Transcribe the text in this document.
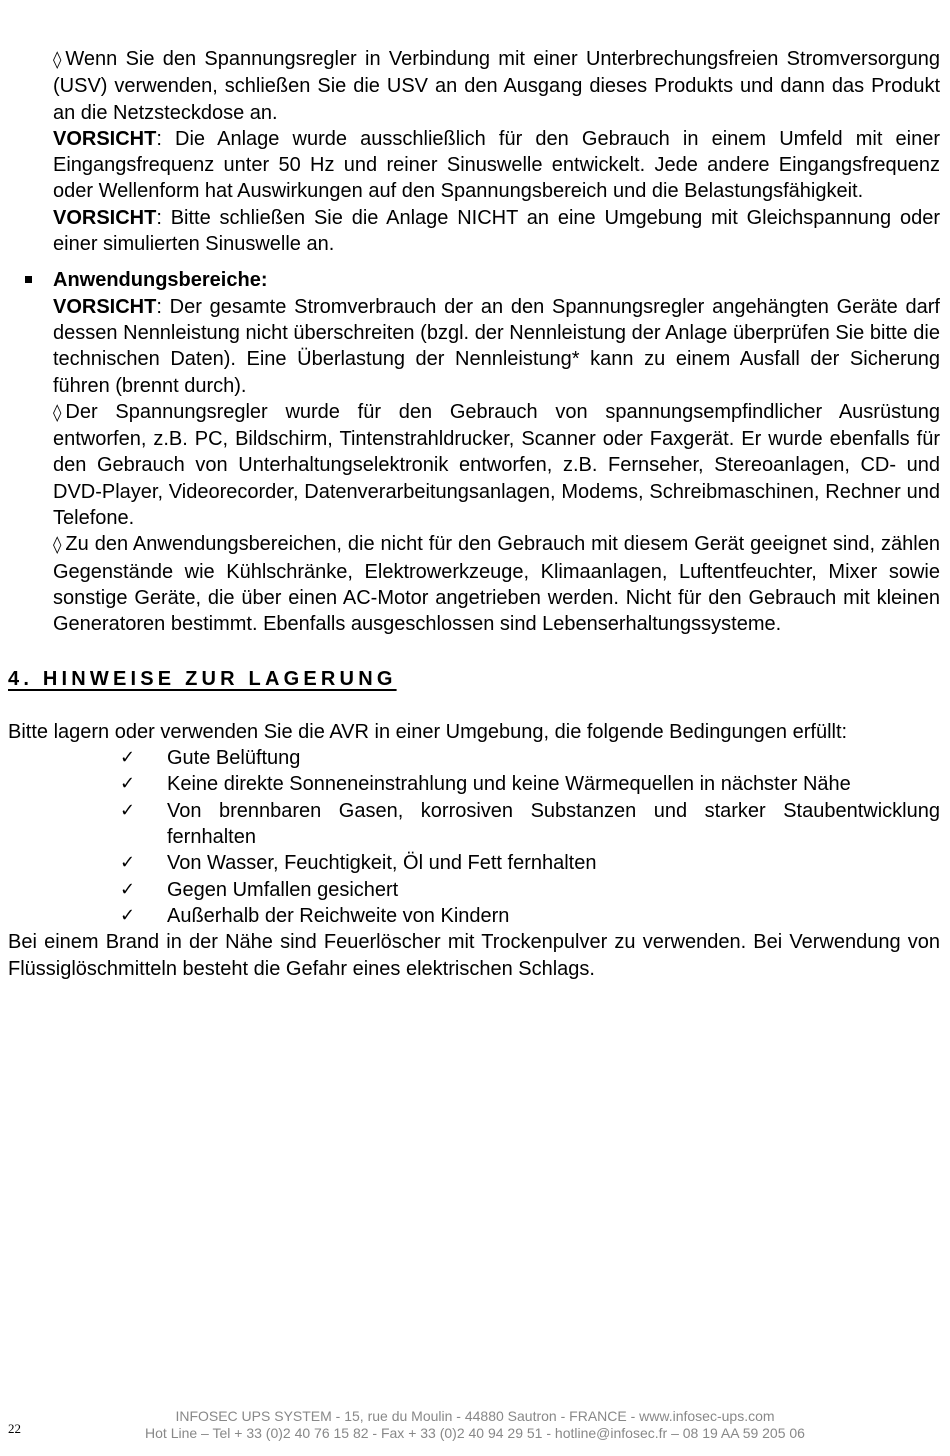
◊ Wenn Sie den Spannungsregler in Verbindung mit einer Unterbrechungsfreien Stromversorgung (USV) verwenden, schließen Sie die USV an den Ausgang dieses Produkts und dann das Produkt an die Netzsteckdose an.

VORSICHT: Die Anlage wurde ausschließlich für den Gebrauch in einem Umfeld mit einer Eingangsfrequenz unter 50 Hz und reiner Sinuswelle entwickelt. Jede andere Eingangsfrequenz oder Wellenform hat Auswirkungen auf den Spannungsbereich und die Belastungsfähigkeit.

VORSICHT: Bitte schließen Sie die Anlage NICHT an eine Umgebung mit Gleichspannung oder einer simulierten Sinuswelle an.

Anwendungsbereiche:

VORSICHT: Der gesamte Stromverbrauch der an den Spannungsregler angehängten Geräte darf dessen Nennleistung nicht überschreiten (bzgl. der Nennleistung der Anlage überprüfen Sie bitte die technischen Daten). Eine Überlastung der Nennleistung* kann zu einem Ausfall der Sicherung führen (brennt durch).

◊ Der Spannungsregler wurde für den Gebrauch von spannungsempfindlicher Ausrüstung entworfen, z.B. PC, Bildschirm, Tintenstrahldrucker, Scanner oder Faxgerät. Er wurde ebenfalls für den Gebrauch von Unterhaltungselektronik entworfen, z.B. Fernseher, Stereoanlagen, CD- und DVD-Player, Videorecorder, Datenverarbeitungsanlagen, Modems, Schreibmaschinen, Rechner und Telefone.

◊ Zu den Anwendungsbereichen, die nicht für den Gebrauch mit diesem Gerät geeignet sind, zählen Gegenstände wie Kühlschränke, Elektrowerkzeuge, Klimaanlagen, Luftentfeuchter, Mixer sowie sonstige Geräte, die über einen AC-Motor angetrieben werden. Nicht für den Gebrauch mit kleinen Generatoren bestimmt. Ebenfalls ausgeschlossen sind Lebenserhaltungssysteme.

4. HINWEISE ZUR LAGERUNG

Bitte lagern oder verwenden Sie die AVR in einer Umgebung, die folgende Bedingungen erfüllt:

✓ Gute Belüftung
✓ Keine direkte Sonneneinstrahlung und keine Wärmequellen in nächster Nähe
✓ Von brennbaren Gasen, korrosiven Substanzen und starker Staubentwicklung fernhalten
✓ Von Wasser, Feuchtigkeit, Öl und Fett fernhalten
✓ Gegen Umfallen gesichert
✓ Außerhalb der Reichweite von Kindern

Bei einem Brand in der Nähe sind Feuerlöscher mit Trockenpulver zu verwenden. Bei Verwendung von Flüssiglöschmitteln besteht die Gefahr eines elektrischen Schlags.

22
INFOSEC UPS SYSTEM - 15, rue du Moulin - 44880 Sautron - FRANCE - www.infosec-ups.com
Hot Line – Tel + 33 (0)2 40 76 15 82 - Fax + 33 (0)2 40 94 29 51 - hotline@infosec.fr – 08 19 AA 59 205 06
